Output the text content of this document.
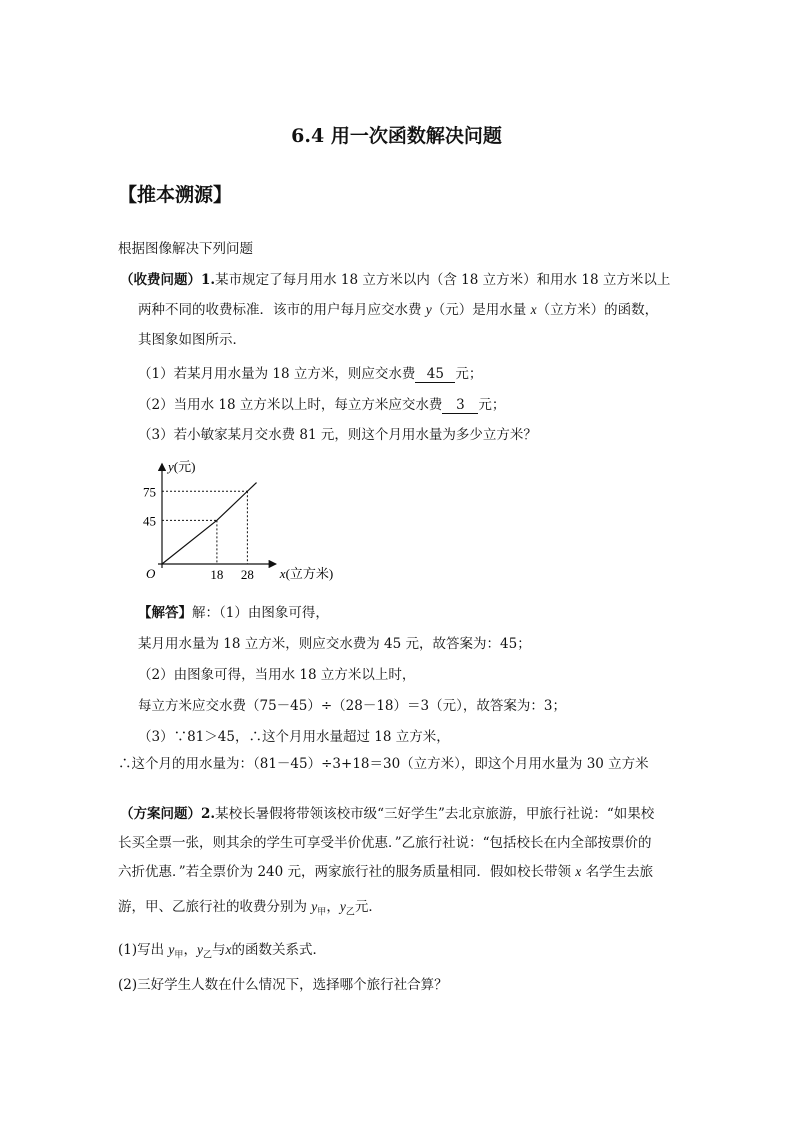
6.4 用一次函数解决问题
【推本溯源】
根据图像解决下列问题
（收费问题）1.某市规定了每月用水 18 立方米以内（含 18 立方米）和用水 18 立方米以上
两种不同的收费标准．该市的用户每月应交水费 y（元）是用水量 x（立方米）的函数，
其图象如图所示．
（1）若某月用水量为 18 立方米，则应交水费 45 元；
（2）当用水 18 立方米以上时，每立方米应交水费 3 元；
（3）若小敏家某月交水费 81 元，则这个月用水量为多少立方米？
O	18 28
45
75
x(立方米)
y(元)
【解答】解：（1）由图象可得，
某月用水量为 18 立方米，则应交水费为 45 元，故答案为：45；
（2）由图象可得，当用水 18 立方米以上时，
每立方米应交水费（75－45）÷（28－18）＝3（元），故答案为：3；
（3）∵81＞45，∴这个月用水量超过 18 立方米，
∴这个月的用水量为：（81－45）÷3+18＝30（立方米），即这个月用水量为 30 立方米
（方案问题）2.某校长暑假将带领该校市级“三好学生”去北京旅游，甲旅行社说：“如果校
长买全票一张，则其余的学生可享受半价优惠．”乙旅行社说：“包括校长在内全部按票价的
六折优惠．”若全票价为 240 元，两家旅行社的服务质量相同．假如校长带领 x 名学生去旅
游，甲、乙旅行社的收费分别为 $y_甲$，$y_乙$元．
(1)写出 $y_甲$，$y_乙$与x的函数关系式．
(2)三好学生人数在什么情况下，选择哪个旅行社合算？
